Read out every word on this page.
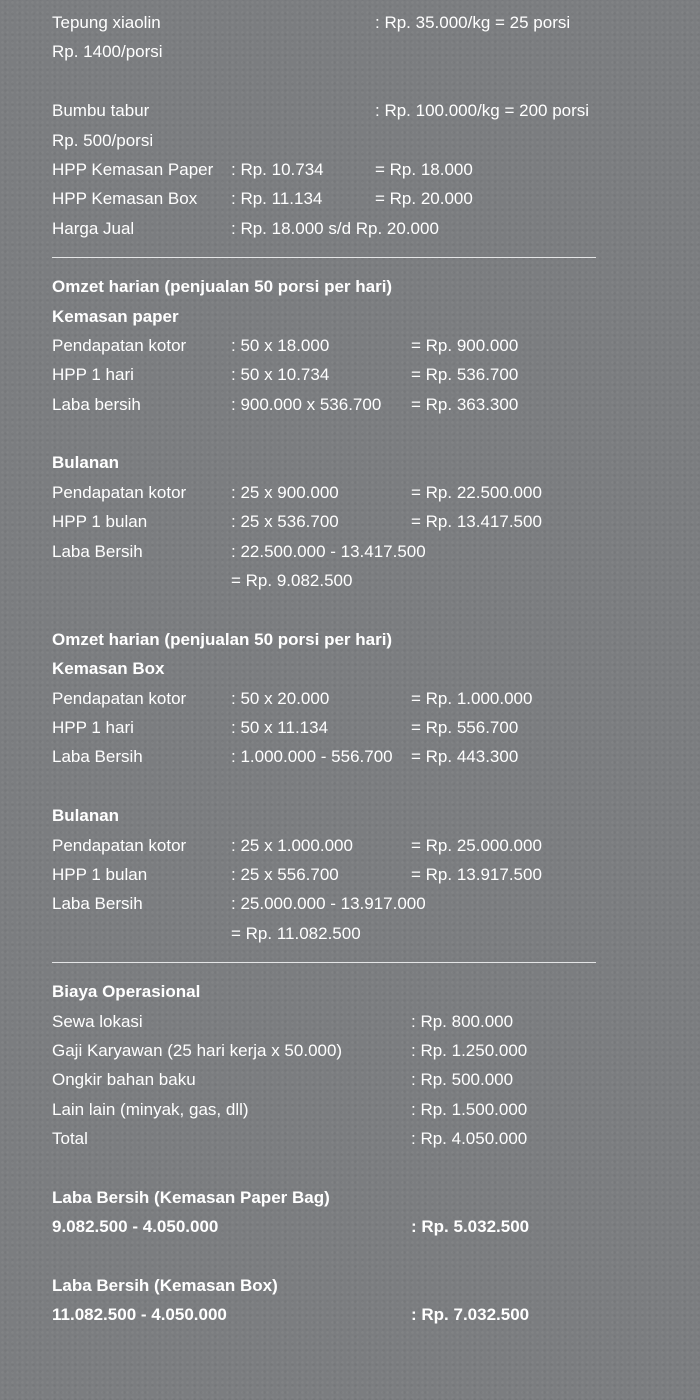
Tepung xiaolin	: Rp. 35.000/kg = 25 porsi
Rp. 1400/porsi
Bumbu tabur	: Rp. 100.000/kg = 200 porsi
Rp. 500/porsi
HPP Kemasan Paper : Rp. 10.734	= Rp. 18.000
HPP Kemasan Box : Rp. 11.134	= Rp. 20.000
Harga Jual	: Rp. 18.000 s/d Rp. 20.000
Omzet harian (penjualan 50 porsi per hari)
Kemasan paper
Pendapatan kotor	: 50 x 18.000	= Rp. 900.000
HPP 1 hari	: 50 x 10.734	= Rp. 536.700
Laba bersih	: 900.000 x 536.700 = Rp. 363.300
Bulanan
Pendapatan kotor	: 25 x 900.000	= Rp. 22.500.000
HPP 1 bulan	: 25 x 536.700	= Rp. 13.417.500
Laba Bersih	: 22.500.000 - 13.417.500
= Rp. 9.082.500
Omzet harian (penjualan 50 porsi per hari)
Kemasan Box
Pendapatan kotor	: 50 x 20.000	= Rp. 1.000.000
HPP 1 hari	: 50 x 11.134	= Rp. 556.700
Laba Bersih	: 1.000.000 - 556.700 = Rp. 443.300
Bulanan
Pendapatan kotor	: 25 x 1.000.000	= Rp. 25.000.000
HPP 1 bulan	: 25 x 556.700	= Rp. 13.917.500
Laba Bersih	: 25.000.000 - 13.917.000
= Rp. 11.082.500
Biaya Operasional
Sewa lokasi	: Rp. 800.000
Gaji Karyawan (25 hari kerja x 50.000)	: Rp. 1.250.000
Ongkir bahan baku	: Rp. 500.000
Lain lain (minyak, gas, dll)	: Rp. 1.500.000
Total	: Rp. 4.050.000
Laba Bersih (Kemasan Paper Bag)
9.082.500 - 4.050.000	: Rp. 5.032.500
Laba Bersih (Kemasan Box)
11.082.500 - 4.050.000	: Rp. 7.032.500
